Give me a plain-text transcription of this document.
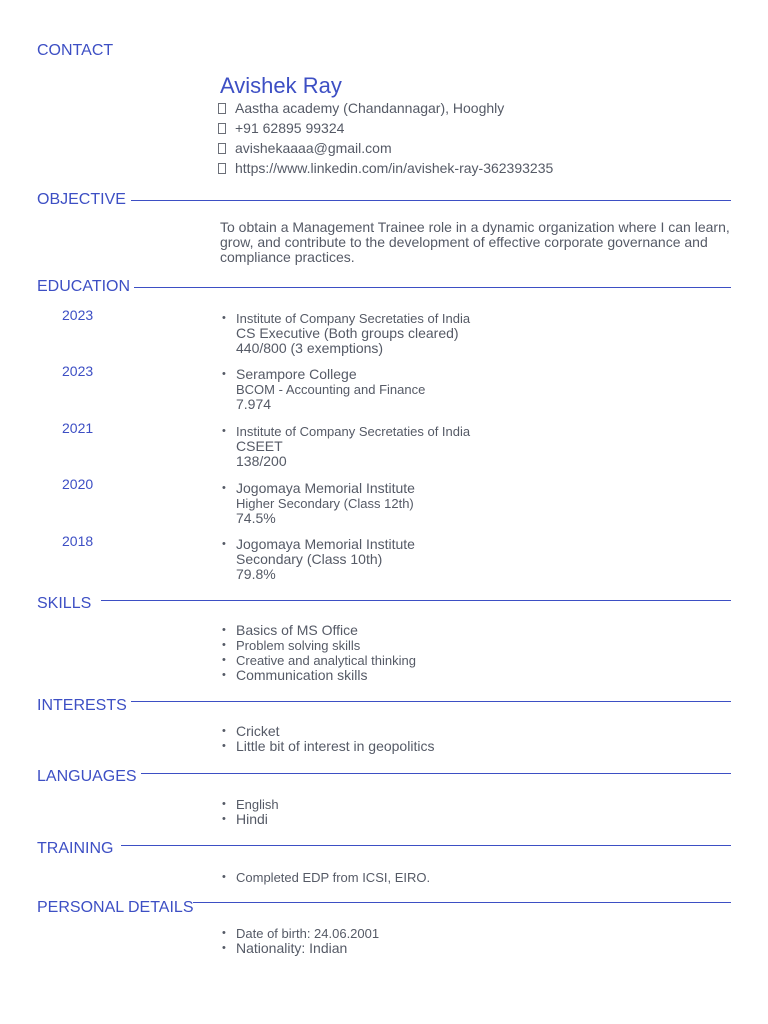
CONTACT
Avishek Ray
Aastha academy (Chandannagar), Hooghly
+91 62895 99324
avishekaaaa@gmail.com
https://www.linkedin.com/in/avishek-ray-362393235
OBJECTIVE
To obtain a Management Trainee role in a dynamic organization where I can learn, grow, and contribute to the development of effective corporate governance and compliance practices.
EDUCATION
2023	• Institute of Company Secretaties of India
CS Executive (Both groups cleared)
440/800 (3 exemptions)
2023	• Serampore College
BCOM - Accounting and Finance
7.974
2021	• Institute of Company Secretaties of India
CSEET
138/200
2020	• Jogomaya Memorial Institute
Higher Secondary (Class 12th)
74.5%
2018	• Jogomaya Memorial Institute
Secondary (Class 10th)
79.8%
SKILLS
• Basics of MS Office
• Problem solving skills
• Creative and analytical thinking
• Communication skills
INTERESTS
• Cricket
• Little bit of interest in geopolitics
LANGUAGES
• English
• Hindi
TRAINING
• Completed EDP from ICSI, EIRO.
PERSONAL DETAILS
• Date of birth: 24.06.2001
• Nationality: Indian
